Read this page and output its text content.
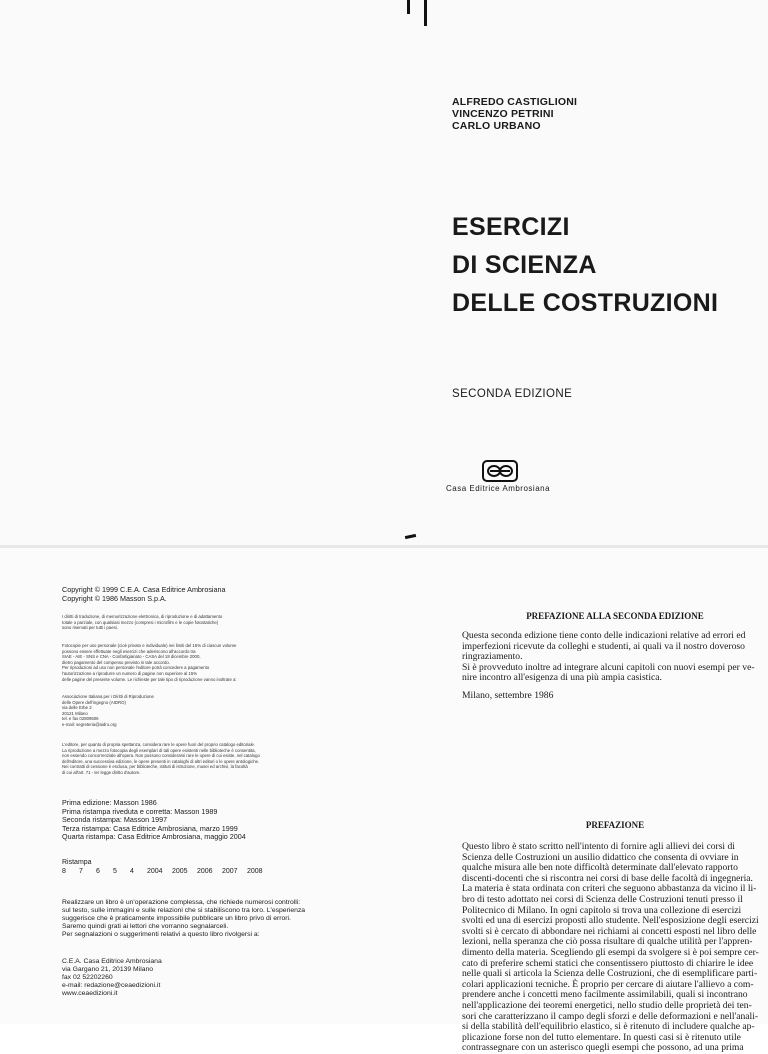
ALFREDO CASTIGLIONI
VINCENZO PETRINI
CARLO URBANO
ESERCIZI
DI SCIENZA
DELLE COSTRUZIONI
SECONDA EDIZIONE
Casa Editrice Ambrosiana
Copyright © 1999 C.E.A. Casa Editrice Ambrosiana
Copyright © 1986 Masson S.p.A.
I diritti di traduzione, di memorizzazione elettronica, di riproduzione e di adattamento
totale o parziale, con qualsiasi mezzo (compresi i microfilm e le copie fotostatiche)
sono riservati per tutti i paesi.
Fotocopie per uso personale (cioè privato e individuale) nei limiti del 15% di ciascun volume
possono essere effettuate negli esercizi che aderiscono all'accordo tra
SIAE - AIE - SNS e CNA - Confartigianato - CASA del 18 dicembre 2000,
dietro pagamento del compenso previsto in tale accordo.
Per riproduzioni ad uso non personale l'editore potrà concedere a pagamento
l'autorizzazione a riprodurre un numero di pagine non superiore al 15%
delle pagine del presente volume. Le richieste per tale tipo di riproduzione vanno inoltrate a:
Associazione Italiana per i Diritti di Riproduzione
delle Opere dell'ingegno (AIDRO)
via delle Erbe 2
20121 Milano
tel. e fax 02809506
e-mail: segreteria@aidro.org
L'editore, per quanto di propria spettanza, considera rare le opere fuori del proprio catalogo editoriale.
La riproduzione a mezzo fotocopia degli esemplari di tali opere esistenti nelle biblioteche è consentita,
non essendo concorrenziale all'opera. Non possono considerarsi rare le opere di cui esiste, nel catalogo
dell'editore, una successiva edizione, le opere presenti in cataloghi di altri editori o le opere antologiche.
Nei contratti di cessione è esclusa, per biblioteche, istituti di istruzione, musei ed archivi, la facoltà
di cui all'art. 71 - ter legge diritto d'autore.
Prima edizione: Masson 1986
Prima ristampa riveduta e corretta: Masson 1989
Seconda ristampa: Masson 1997
Terza ristampa: Casa Editrice Ambrosiana, marzo 1999
Quarta ristampa: Casa Editrice Ambrosiana, maggio 2004
Ristampa
8	7	6	5	4	2004	2005	2006	2007	2008
Realizzare un libro è un'operazione complessa, che richiede numerosi controlli:
sul testo, sulle immagini e sulle relazioni che si stabiliscono tra loro. L'esperienza
suggerisce che è praticamente impossibile pubblicare un libro privo di errori.
Saremo quindi grati ai lettori che vorranno segnalarceli.
Per segnalazioni o suggerimenti relativi a questo libro rivolgersi a:
C.E.A. Casa Editrice Ambrosiana
via Gargano 21, 20139 Milano
fax 02 52202260
e-mail: redazione@ceaedizioni.it
www.ceaedizioni.it
PREFAZIONE ALLA SECONDA EDIZIONE
Questa seconda edizione tiene conto delle indicazioni relative ad errori ed
imperfezioni ricevute da colleghi e studenti, ai quali va il nostro doveroso
ringraziamento.
Si è provveduto inoltre ad integrare alcuni capitoli con nuovi esempi per ve-
nire incontro all'esigenza di una più ampia casistica.
Milano, settembre 1986
PREFAZIONE
Questo libro è stato scritto nell'intento di fornire agli allievi dei corsi di
Scienza delle Costruzioni un ausilio didattico che consenta di ovviare in
qualche misura alle ben note difficoltà determinate dall'elevato rapporto
discenti-docenti che si riscontra nei corsi di base delle facoltà di ingegneria.
La materia è stata ordinata con criteri che seguono abbastanza da vicino il li-
bro di testo adottato nei corsi di Scienza delle Costruzioni tenuti presso il
Politecnico di Milano. In ogni capitolo si trova una collezione di esercizi
svolti ed una di esercizi proposti allo studente. Nell'esposizione degli esercizi
svolti si è cercato di abbondare nei richiami ai concetti esposti nel libro delle
lezioni, nella speranza che ciò possa risultare di qualche utilità per l'appren-
dimento della materia. Scegliendo gli esempi da svolgere si è poi sempre cer-
cato di preferire schemi statici che consentissero piuttosto di chiarire le idee
nelle quali si articola la Scienza delle Costruzioni, che di esemplificare parti-
colari applicazioni tecniche. È proprio per cercare di aiutare l'allievo a com-
prendere anche i concetti meno facilmente assimilabili, quali si incontrano
nell'applicazione dei teoremi energetici, nello studio delle proprietà dei ten-
sori che caratterizzano il campo degli sforzi e delle deformazioni e nell'anali-
si della stabilità dell'equilibrio elastico, si è ritenuto di includere qualche ap-
plicazione forse non del tutto elementare. In questi casi si è ritenuto utile
contrassegnare con un asterisco quegli esempi che possono, ad una prima
